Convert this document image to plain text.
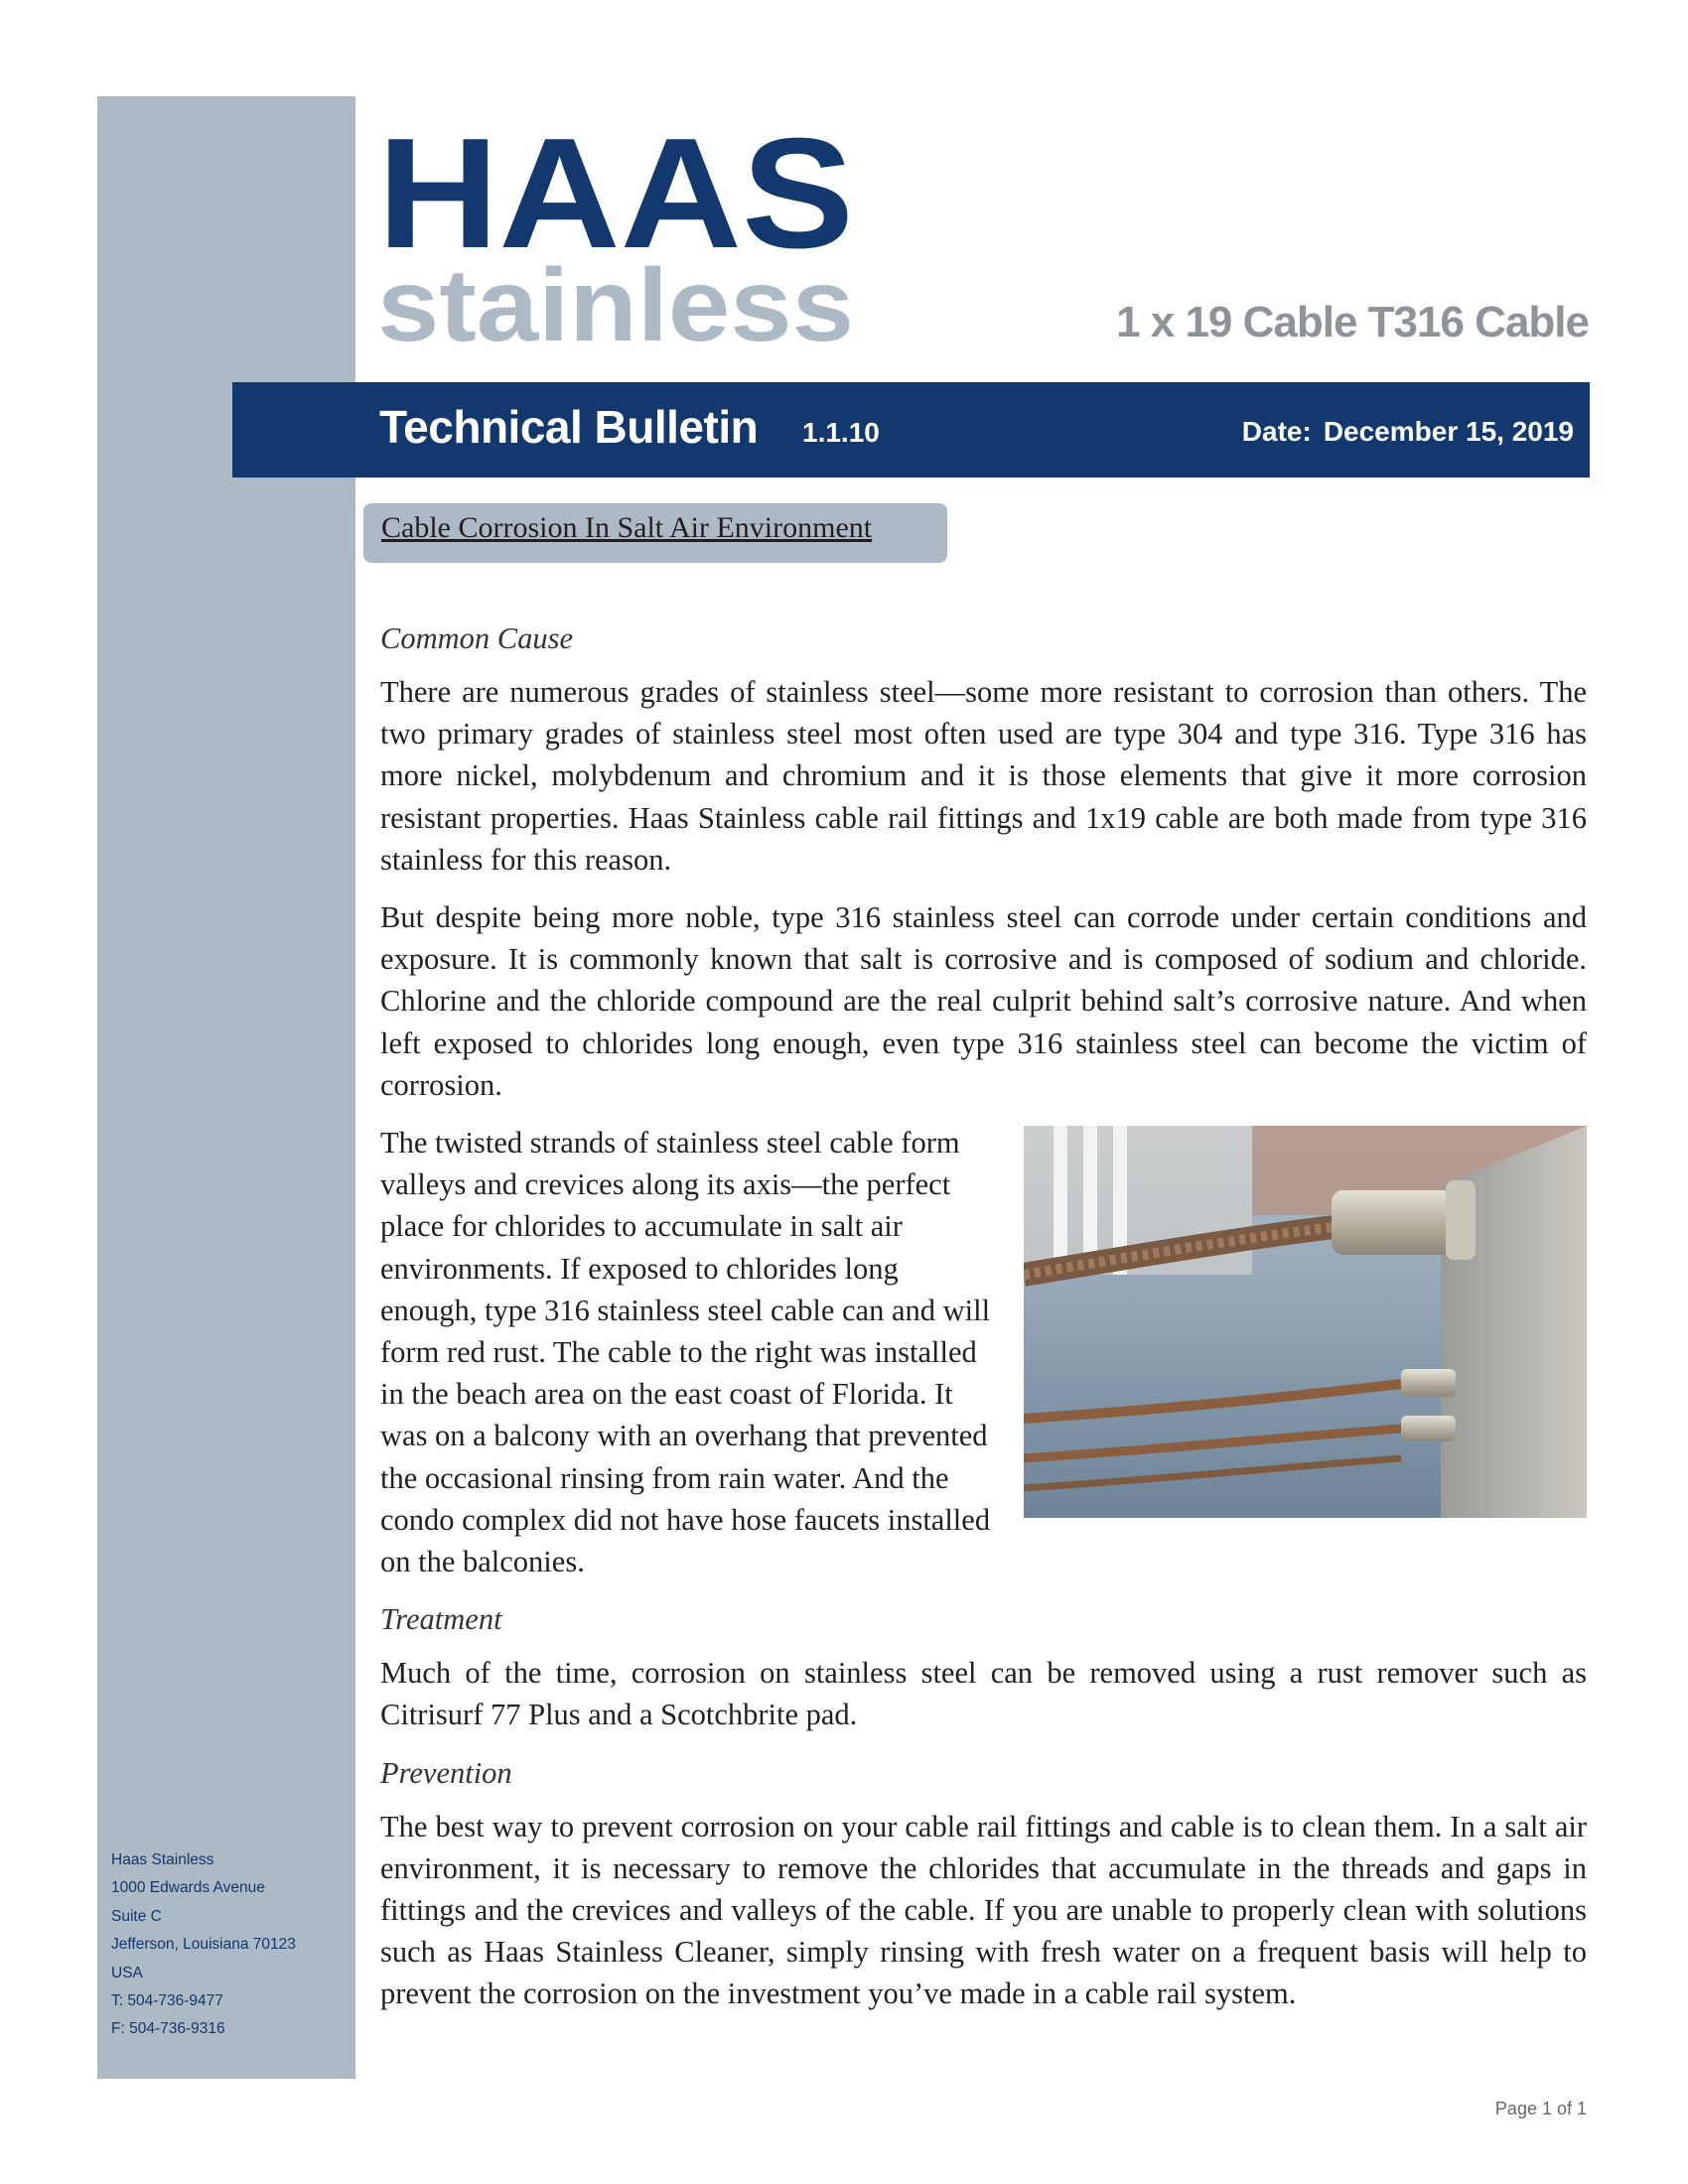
Haas Stainless
1000 Edwards Avenue
Suite C
Jefferson, Louisiana 70123
USA
T: 504-736-9477
F: 504-736-9316
HAAS
stainless	1 x 19 Cable T316 Cable
Technical Bulletin 1.1.10	Date: December 15, 2019
Cable Corrosion In Salt Air Environment
Common Cause

There are numerous grades of stainless steel—some more resistant to corrosion than others. The two primary grades of stainless steel most often used are type 304 and type 316. Type 316 has more nickel, molybdenum and chromium and it is those elements that give it more corrosion resistant properties. Haas Stainless cable rail fittings and 1x19 cable are both made from type 316 stainless for this reason.

But despite being more noble, type 316 stainless steel can corrode under certain conditions and exposure. It is commonly known that salt is corrosive and is composed of sodium and chloride. Chlorine and the chloride compound are the real culprit behind salt’s corrosive nature. And when left exposed to chlorides long enough, even type 316 stainless steel can become the victim of corrosion.

The twisted strands of stainless steel cable form valleys and crevices along its axis—the perfect place for chlorides to accumulate in salt air environments. If exposed to chlorides long enough, type 316 stainless steel cable can and will form red rust. The cable to the right was installed in the beach area on the east coast of Florida. It was on a balcony with an overhang that prevented the occasional rinsing from rain water. And the condo complex did not have hose faucets installed on the balconies.

Treatment

Much of the time, corrosion on stainless steel can be removed using a rust remover such as Citrisurf 77 Plus and a Scotchbrite pad.

Prevention

The best way to prevent corrosion on your cable rail fittings and cable is to clean them. In a salt air environment, it is necessary to remove the chlorides that accumulate in the threads and gaps in fittings and the crevices and valleys of the cable. If you are unable to properly clean with solutions such as Haas Stainless Cleaner, simply rinsing with fresh water on a frequent basis will help to prevent the corrosion on the investment you’ve made in a cable rail system.

Page 1 of 1
